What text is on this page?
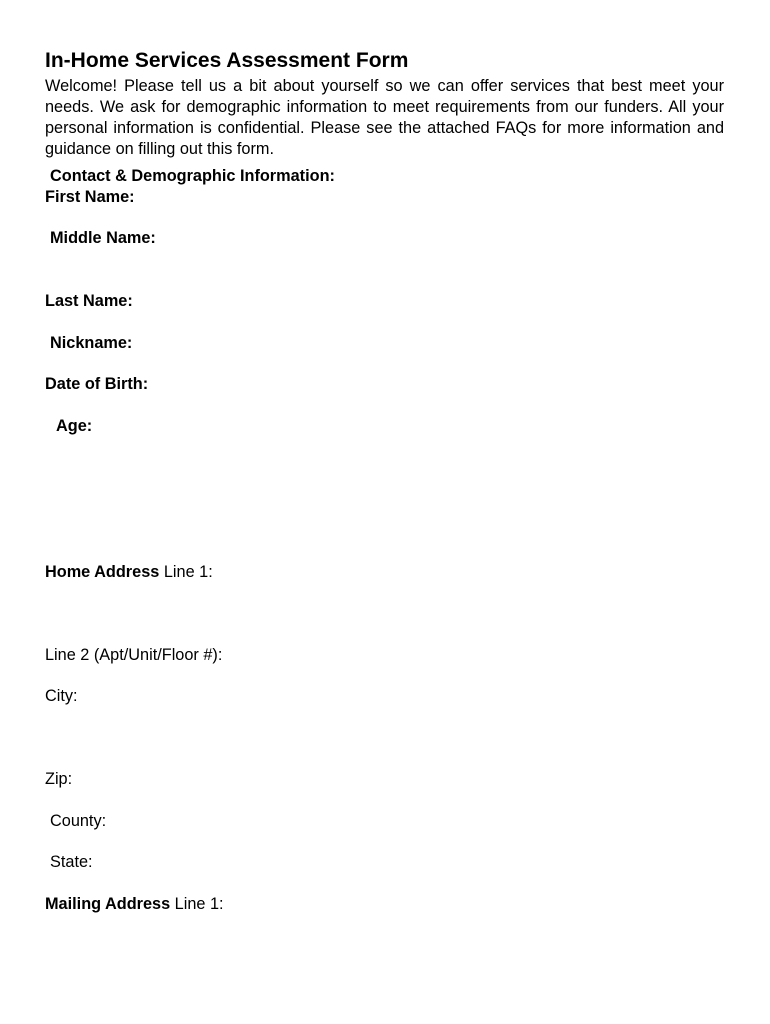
In-Home Services Assessment Form
Welcome! Please tell us a bit about yourself so we can offer services that best meet your needs. We ask for demographic information to meet requirements from our funders. All your personal information is confidential. Please see the attached FAQs for more information and guidance on filling out this form.
Contact & Demographic Information:
First Name:
Middle Name:
Last Name:
Nickname:
Date of Birth:
Age:
Home Address Line 1:
Line 2 (Apt/Unit/Floor #):
City:
Zip:
County:
State:
Mailing Address Line 1:
